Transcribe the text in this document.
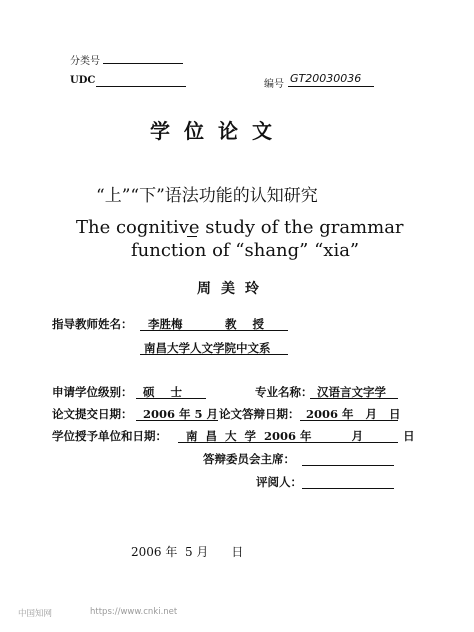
分类号
UDC	编号 GT20030036
学位论文
“上”“下”语法功能的认知研究
The cognitive study of the grammar
function of “shang” “xia”
周美玲
指导教师姓名： 李胜梅	教    授
南昌大学人文学院中文系
申请学位级别： 硕    士	专业名称： 汉语言文字学
论文提交日期： 2006 年 5 月 论文答辩日期： 2006 年   月   日
学位授予单位和日期： 南  昌  大  学  2006 年          月          日
答辩委员会主席：
评阅人：
2006 年  5 月      日
中国知网	https://www.cnki.net
